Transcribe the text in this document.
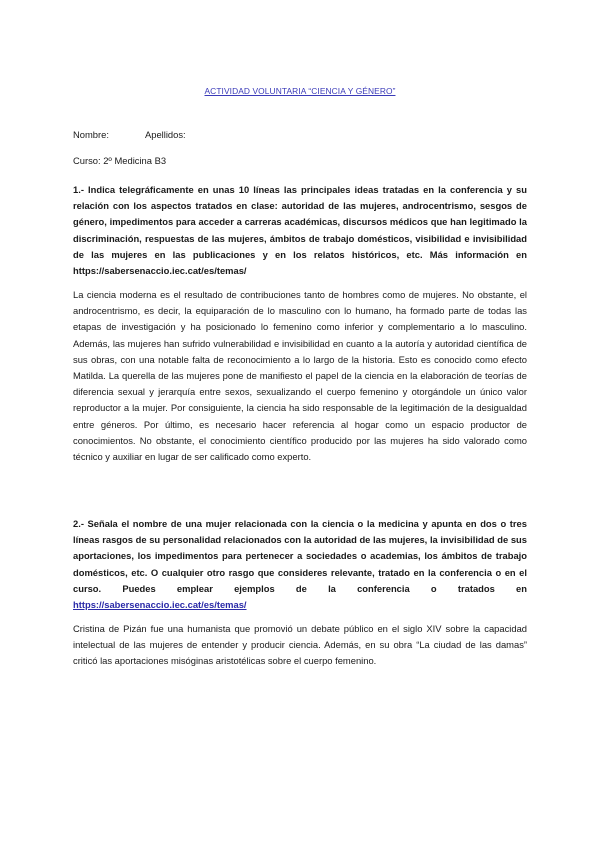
ACTIVIDAD VOLUNTARIA “CIENCIA Y GÉNERO”
Nombre:	Apellidos:
Curso: 2º Medicina B3
1.- Indica telegráficamente en unas 10 líneas las principales ideas tratadas en la conferencia y su relación con los aspectos tratados en clase: autoridad de las mujeres, androcentrismo, sesgos de género, impedimentos para acceder a carreras académicas, discursos médicos que han legitimado la discriminación, respuestas de las mujeres, ámbitos de trabajo domésticos, visibilidad e invisibilidad de las mujeres en las publicaciones y en los relatos históricos, etc. Más información en https://sabersenaccio.iec.cat/es/temas/
La ciencia moderna es el resultado de contribuciones tanto de hombres como de mujeres. No obstante, el androcentrismo, es decir, la equiparación de lo masculino con lo humano, ha formado parte de todas las etapas de investigación y ha posicionado lo femenino como inferior y complementario a lo masculino. Además, las mujeres han sufrido vulnerabilidad e invisibilidad en cuanto a la autoría y autoridad científica de sus obras, con una notable falta de reconocimiento a lo largo de la historia. Esto es conocido como efecto Matilda. La querella de las mujeres pone de manifiesto el papel de la ciencia en la elaboración de teorías de diferencia sexual y jerarquía entre sexos, sexualizando el cuerpo femenino y otorgándole un único valor reproductor a la mujer. Por consiguiente, la ciencia ha sido responsable de la legitimación de la desigualdad entre géneros. Por último, es necesario hacer referencia al hogar como un espacio productor de conocimientos. No obstante, el conocimiento científico producido por las mujeres ha sido valorado como técnico y auxiliar en lugar de ser calificado como experto.
2.- Señala el nombre de una mujer relacionada con la ciencia o la medicina y apunta en dos o tres líneas rasgos de su personalidad relacionados con la autoridad de las mujeres, la invisibilidad de sus aportaciones, los impedimentos para pertenecer a sociedades o academias, los ámbitos de trabajo domésticos, etc. O cualquier otro rasgo que consideres relevante, tratado en la conferencia o en el curso. Puedes emplear ejemplos de la conferencia o tratados en https://sabersenaccio.iec.cat/es/temas/
Cristina de Pizán fue una humanista que promovió un debate público en el siglo XIV sobre la capacidad intelectual de las mujeres de entender y producir ciencia. Además, en su obra “La ciudad de las damas” criticó las aportaciones misóginas aristotélicas sobre el cuerpo femenino.
